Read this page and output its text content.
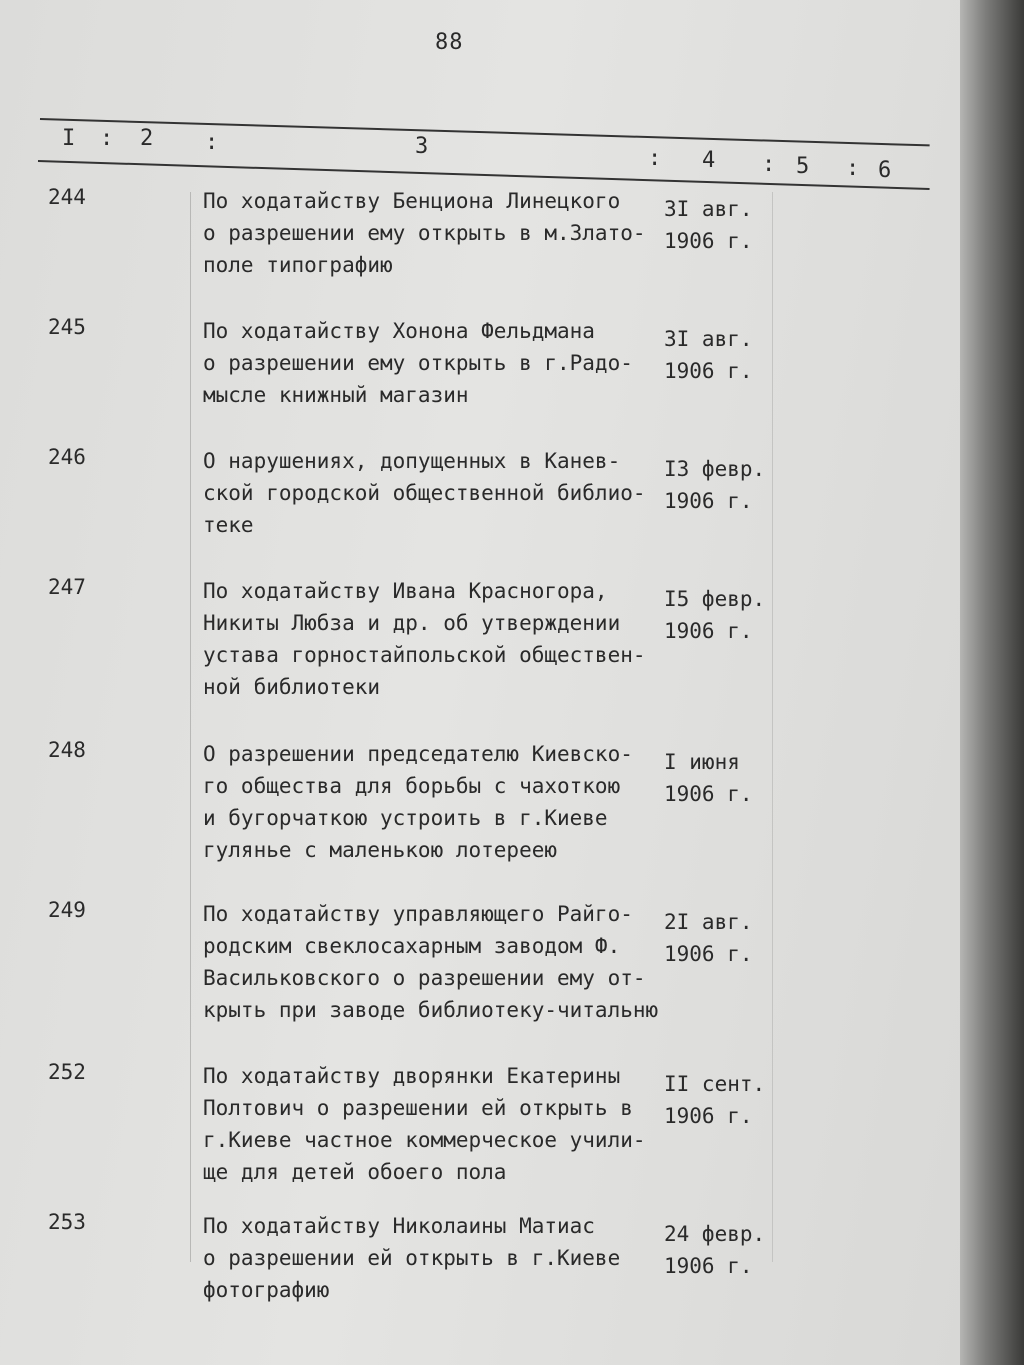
88
I : 2 :	3	: 4 : 5 : 6
244	По ходатайству Бенциона Линецкого
о разрешении ему открыть в м.Злато-
поле типографию
3I авг.
1906 г.
245	По ходатайству Хонона Фельдмана
о разрешении ему открыть в г.Радо-
мысле книжный магазин
3I авг.
1906 г.
246	О нарушениях, допущенных в Канев-
ской городской общественной библио-
теке
I3 февр.
1906 г.
247	По ходатайству Ивана Красногора,
Никиты Любза и др. об утверждении
устава горностайпольской обществен-
ной библиотеки
I5 февр.
1906 г.
248	О разрешении председателю Киевско-
го общества для борьбы с чахоткою
и бугорчаткою устроить в г.Киеве
гулянье с маленькою лотереею
I июня
1906 г.
249	По ходатайству управляющего Райго-
родским свеклосахарным заводом Ф.
Васильковского о разрешении ему от-
крыть при заводе библиотеку-читальню
2I авг.
1906 г.
252	По ходатайству дворянки Екатерины
Полтович о разрешении ей открыть в
г.Киеве частное коммерческое учили-
ще для детей обоего пола
II сент.
1906 г.
253	По ходатайству Николаины Матиас
о разрешении ей открыть в г.Киеве
фотографию
24 февр.
1906 г.
